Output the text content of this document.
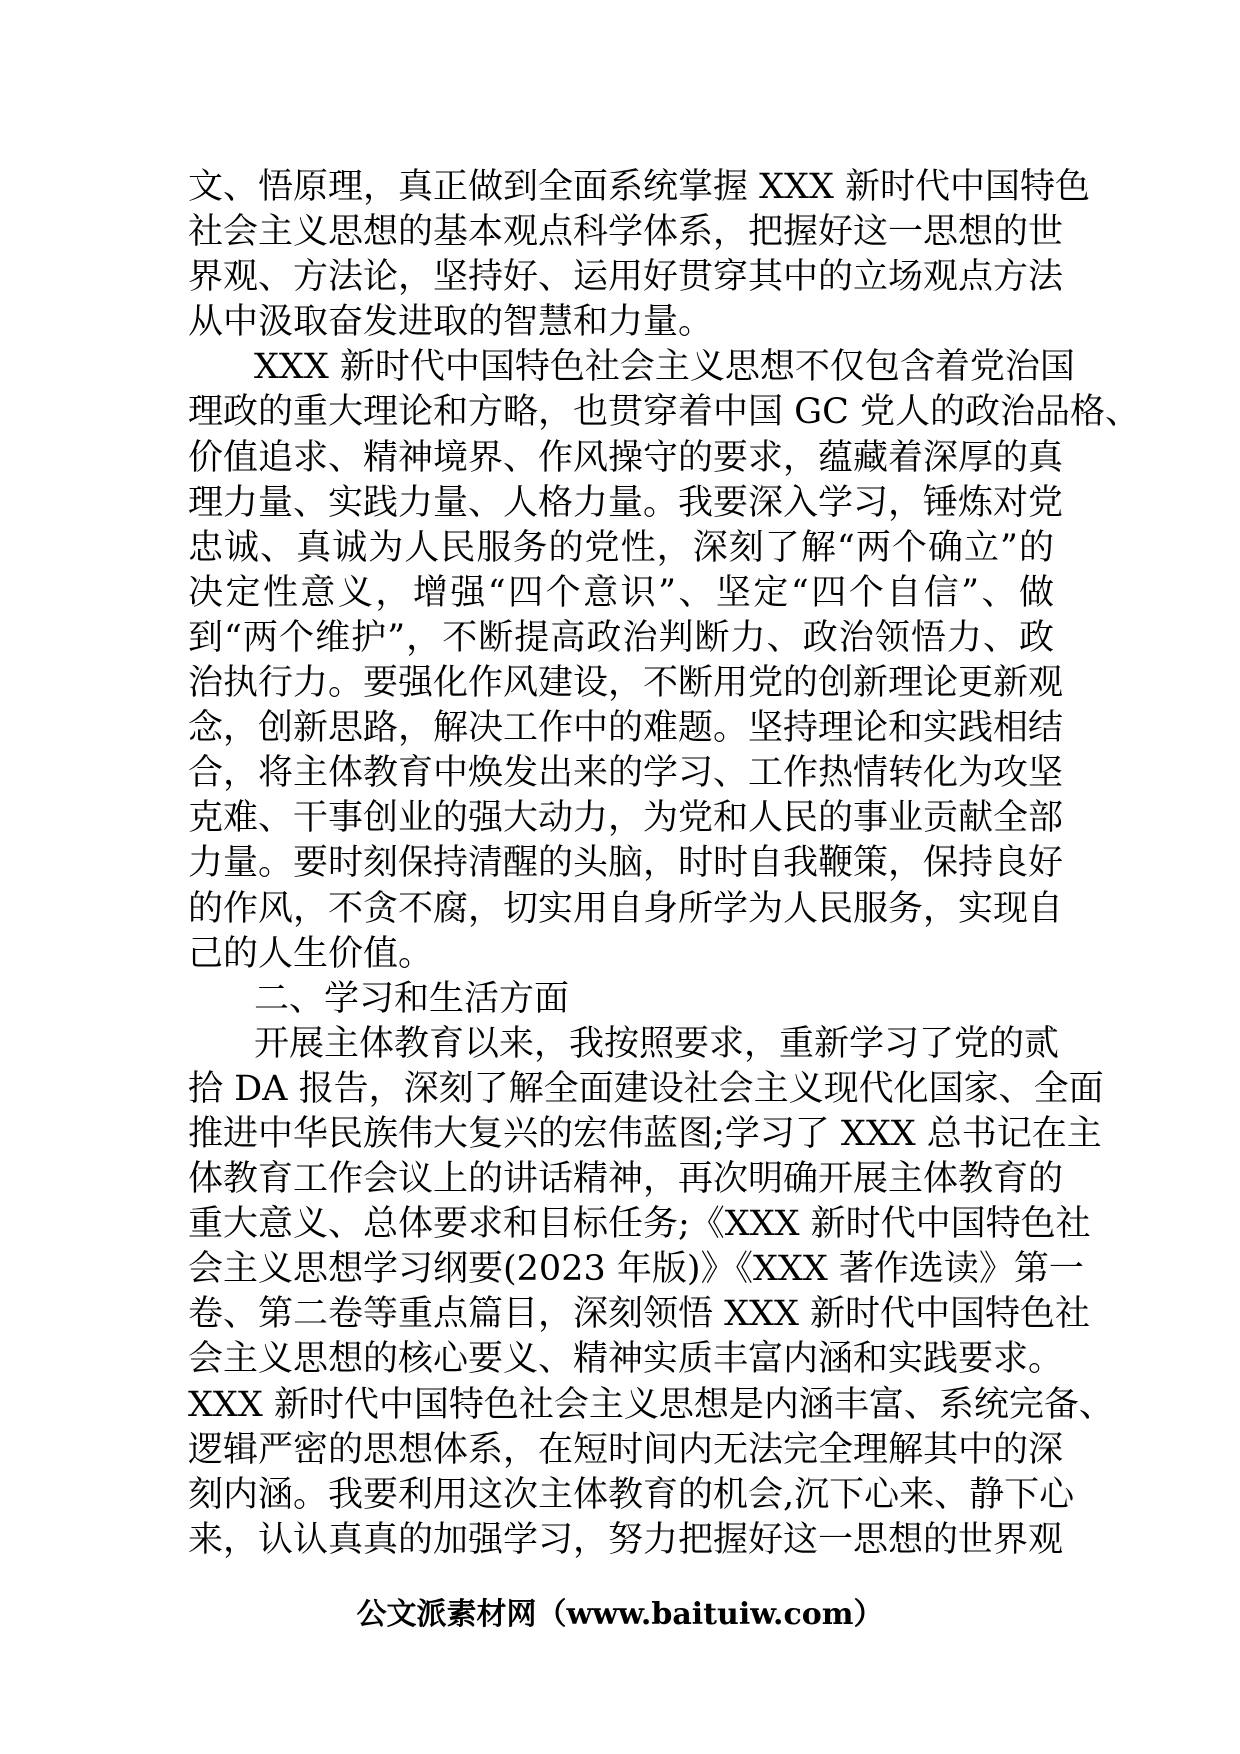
文、悟原理，真正做到全面系统掌握 XXX 新时代中国特色
社会主义思想的基本观点科学体系，把握好这一思想的世
界观、方法论，坚持好、运用好贯穿其中的立场观点方法
从中汲取奋发进取的智慧和力量。
XXX 新时代中国特色社会主义思想不仅包含着党治国
理政的重大理论和方略，也贯穿着中国 GC 党人的政治品格、
价值追求、精神境界、作风操守的要求，蕴藏着深厚的真
理力量、实践力量、人格力量。我要深入学习，锤炼对党
忠诚、真诚为人民服务的党性，深刻了解“两个确立”的
决定性意义，增强“四个意识”、坚定“四个自信”、做
到“两个维护”，不断提高政治判断力、政治领悟力、政
治执行力。要强化作风建设，不断用党的创新理论更新观
念，创新思路，解决工作中的难题。坚持理论和实践相结
合，将主体教育中焕发出来的学习、工作热情转化为攻坚
克难、干事创业的强大动力，为党和人民的事业贡献全部
力量。要时刻保持清醒的头脑，时时自我鞭策，保持良好
的作风，不贪不腐，切实用自身所学为人民服务，实现自
己的人生价值。
二、学习和生活方面
开展主体教育以来，我按照要求，重新学习了党的贰
拾 DA 报告，深刻了解全面建设社会主义现代化国家、全面
推进中华民族伟大复兴的宏伟蓝图;学习了 XXX 总书记在主
体教育工作会议上的讲话精神，再次明确开展主体教育的
重大意义、总体要求和目标任务;《XXX 新时代中国特色社
会主义思想学习纲要(2023 年版)》《XXX 著作选读》第一
卷、第二卷等重点篇目，深刻领悟 XXX 新时代中国特色社
会主义思想的核心要义、精神实质丰富内涵和实践要求。
XXX 新时代中国特色社会主义思想是内涵丰富、系统完备、
逻辑严密的思想体系，在短时间内无法完全理解其中的深
刻内涵。我要利用这次主体教育的机会,沉下心来、静下心
来，认认真真的加强学习，努力把握好这一思想的世界观
公文派素材网（www.baituiw.com）
